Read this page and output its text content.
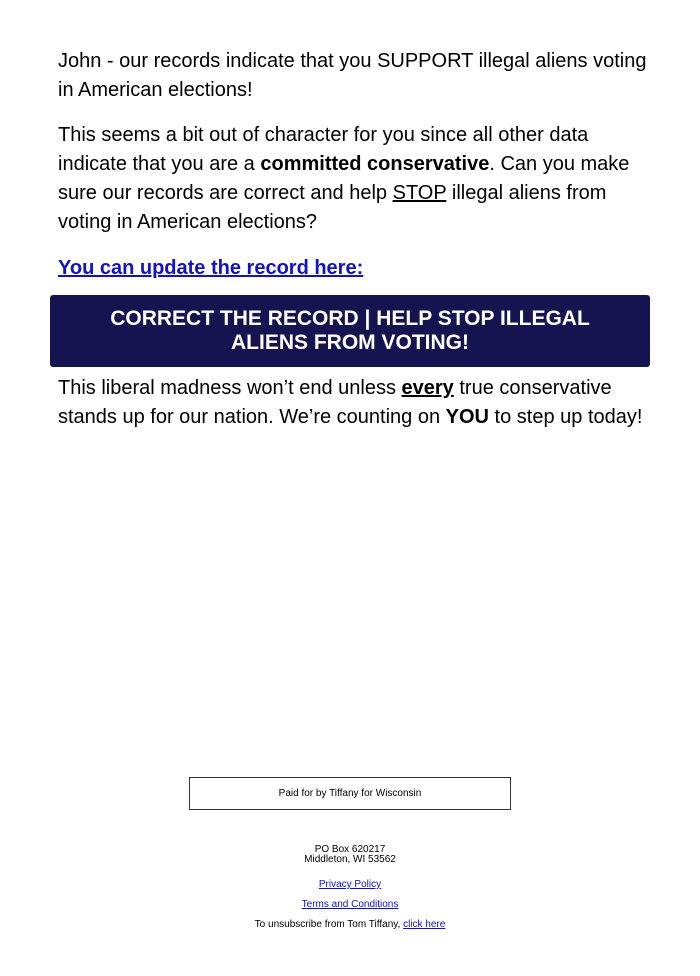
John - our records indicate that you SUPPORT illegal aliens voting in American elections!

This seems a bit out of character for you since all other data indicate that you are a committed conservative. Can you make sure our records are correct and help STOP illegal aliens from voting in American elections?

You can update the record here:
CORRECT THE RECORD | HELP STOP ILLEGAL ALIENS FROM VOTING!

This liberal madness won’t end unless every true conservative stands up for our nation. We’re counting on YOU to step up today!

Paid for by Tiffany for Wisconsin
PO Box 620217
Middleton, WI 53562
Privacy Policy
Terms and Conditions
To unsubscribe from Tom Tiffany, click here
